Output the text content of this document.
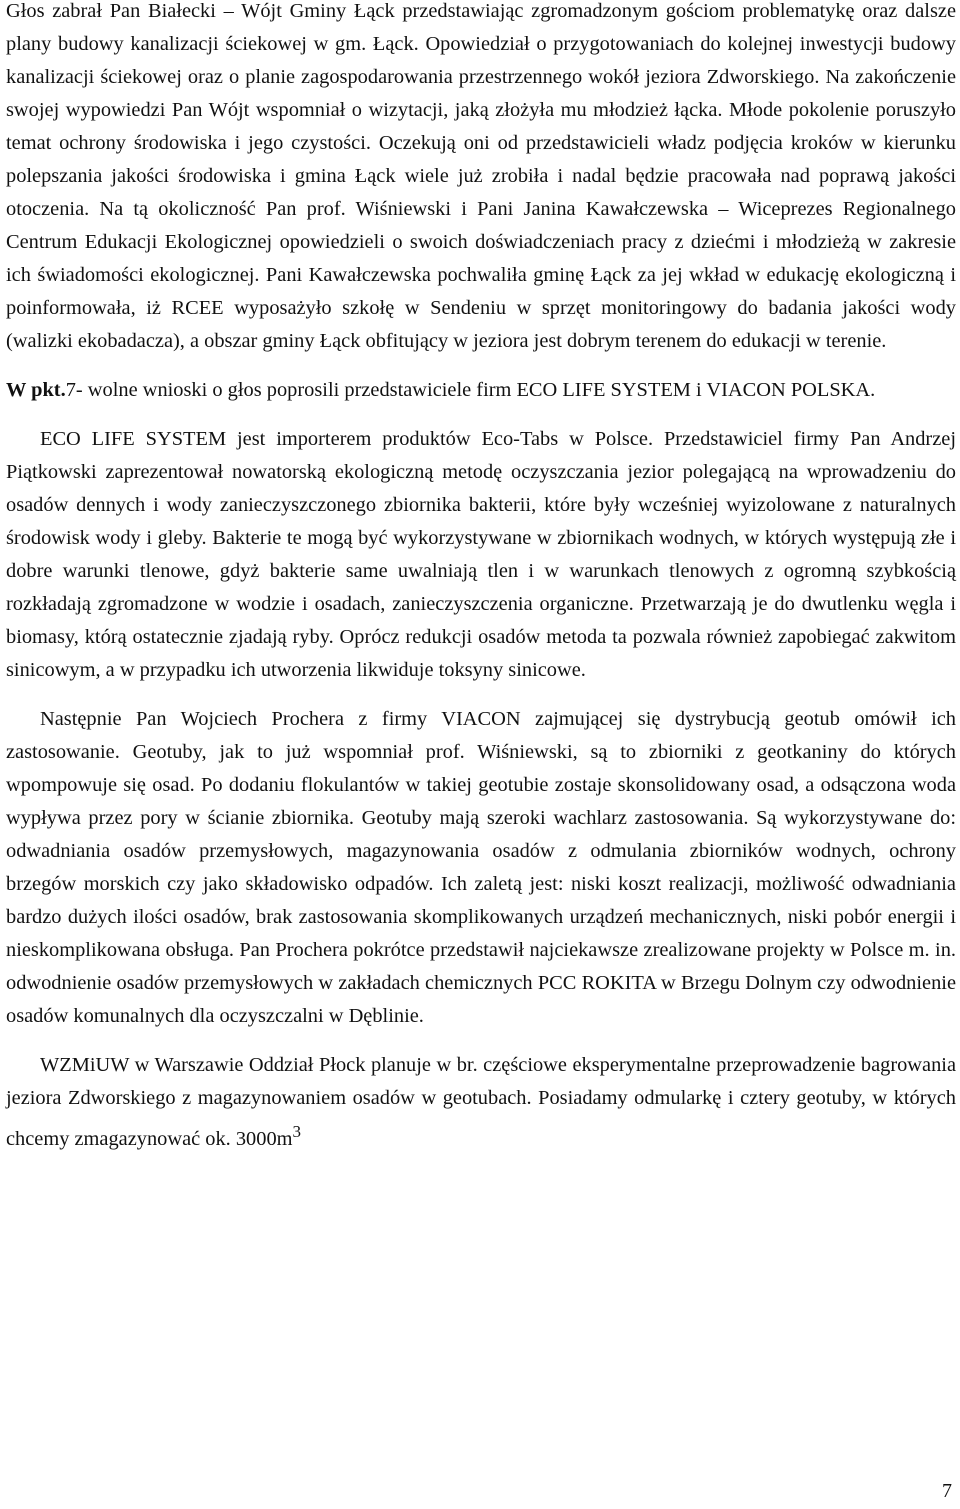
Głos zabrał Pan Białecki – Wójt Gminy Łąck przedstawiając zgromadzonym gościom problematykę oraz dalsze plany budowy kanalizacji ściekowej w gm. Łąck. Opowiedział o przygotowaniach do kolejnej inwestycji budowy kanalizacji ściekowej oraz o planie zagospodarowania przestrzennego wokół jeziora Zdworskiego. Na zakończenie swojej wypowiedzi Pan Wójt wspomniał o wizytacji, jaką złożyła mu młodzież łącka. Młode pokolenie poruszyło temat ochrony środowiska i jego czystości. Oczekują oni od przedstawicieli władz podjęcia kroków w kierunku polepszania jakości środowiska i gmina Łąck wiele już zrobiła i nadal będzie pracowała nad poprawą jakości otoczenia. Na tą okoliczność Pan prof. Wiśniewski i Pani Janina Kawałczewska – Wiceprezes Regionalnego Centrum Edukacji Ekologicznej opowiedzieli o swoich doświadczeniach pracy z dziećmi i młodzieżą w zakresie ich świadomości ekologicznej. Pani Kawałczewska pochwaliła gminę Łąck za jej wkład w edukację ekologiczną i poinformowała, iż RCEE wyposażyło szkołę w Sendeniu w sprzęt monitoringowy do badania jakości wody (walizki ekobadacza), a obszar gminy Łąck obfitujący w jeziora jest dobrym terenem do edukacji w terenie.

W pkt.7- wolne wnioski o głos poprosili przedstawiciele firm ECO LIFE SYSTEM i VIACON POLSKA.

ECO LIFE SYSTEM jest importerem produktów Eco-Tabs w Polsce. Przedstawiciel firmy Pan Andrzej Piątkowski zaprezentował nowatorską ekologiczną metodę oczyszczania jezior polegającą na wprowadzeniu do osadów dennych i wody zanieczyszczonego zbiornika bakterii, które były wcześniej wyizolowane z naturalnych środowisk wody i gleby. Bakterie te mogą być wykorzystywane w zbiornikach wodnych, w których występują złe i dobre warunki tlenowe, gdyż bakterie same uwalniają tlen i w warunkach tlenowych z ogromną szybkością rozkładają zgromadzone w wodzie i osadach, zanieczyszczenia organiczne. Przetwarzają je do dwutlenku węgla i biomasy, którą ostatecznie zjadają ryby. Oprócz redukcji osadów metoda ta pozwala również zapobiegać zakwitom sinicowym, a w przypadku ich utworzenia likwiduje toksyny sinicowe.

Następnie Pan Wojciech Prochera z firmy VIACON zajmującej się dystrybucją geotub omówił ich zastosowanie. Geotuby, jak to już wspomniał prof. Wiśniewski, są to zbiorniki z geotkaniny do których wpompowuje się osad. Po dodaniu flokulantów w takiej geotubie zostaje skonsolidowany osad, a odsączona woda wypływa przez pory w ścianie zbiornika. Geotuby mają szeroki wachlarz zastosowania. Są wykorzystywane do: odwadniania osadów przemysłowych, magazynowania osadów z odmulania zbiorników wodnych, ochrony brzegów morskich czy jako składowisko odpadów. Ich zaletą jest: niski koszt realizacji, możliwość odwadniania bardzo dużych ilości osadów, brak zastosowania skomplikowanych urządzeń mechanicznych, niski pobór energii i nieskomplikowana obsługa. Pan Prochera pokrótce przedstawił najciekawsze zrealizowane projekty w Polsce m. in. odwodnienie osadów przemysłowych w zakładach chemicznych PCC ROKITA w Brzegu Dolnym czy odwodnienie osadów komunalnych dla oczyszczalni w Dęblinie.

WZMiUW w Warszawie Oddział Płock planuje w br. częściowe eksperymentalne przeprowadzenie bagrowania jeziora Zdworskiego z magazynowaniem osadów w geotubach. Posiadamy odmularkę i cztery geotuby, w których chcemy zmagazynować ok. $3000m^3$

7
